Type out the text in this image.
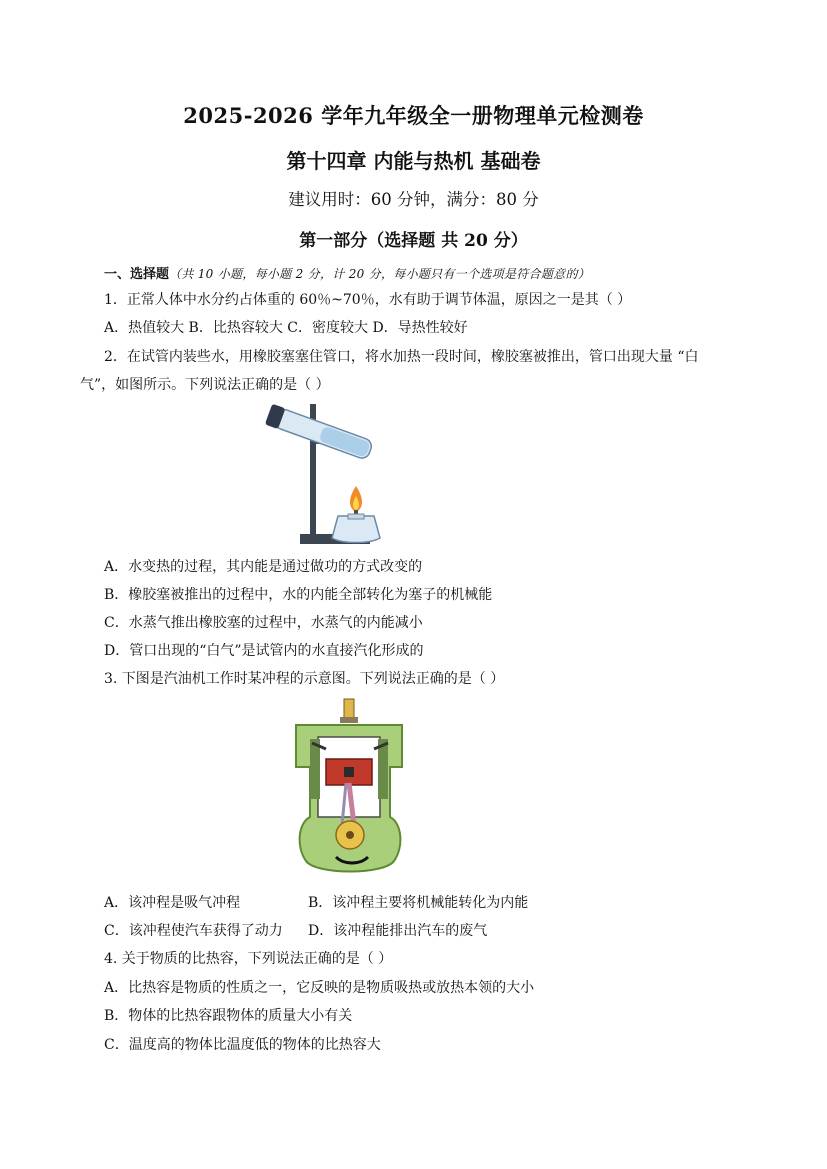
2025-2026 学年九年级全一册物理单元检测卷
第十四章 内能与热机 基础卷
建议用时：60 分钟，满分：80 分
第一部分（选择题 共 20 分）
一、选择题（共 10 小题，每小题 2 分，计 20 分，每小题只有一个选项是符合题意的）
1．正常人体中水分约占体重的 60％~70％，水有助于调节体温，原因之一是其（ ）
A．热值较大 B．比热容较大 C．密度较大 D．导热性较好
2．在试管内装些水，用橡胶塞塞住管口，将水加热一段时间，橡胶塞被推出，管口出现大量 “白
气”，如图所示。下列说法正确的是（ ）
A．水变热的过程，其内能是通过做功的方式改变的
B．橡胶塞被推出的过程中，水的内能全部转化为塞子的机械能
C．水蒸气推出橡胶塞的过程中，水蒸气的内能减小
D．管口出现的“白气”是试管内的水直接汽化形成的
3. 下图是汽油机工作时某冲程的示意图。下列说法正确的是（ ）
A．该冲程是吸气冲程	B．该冲程主要将机械能转化为内能
C．该冲程使汽车获得了动力 D．该冲程能排出汽车的废气
4. 关于物质的比热容，下列说法正确的是（ ）
A．比热容是物质的性质之一，它反映的是物质吸热或放热本领的大小
B．物体的比热容跟物体的质量大小有关
C．温度高的物体比温度低的物体的比热容大
